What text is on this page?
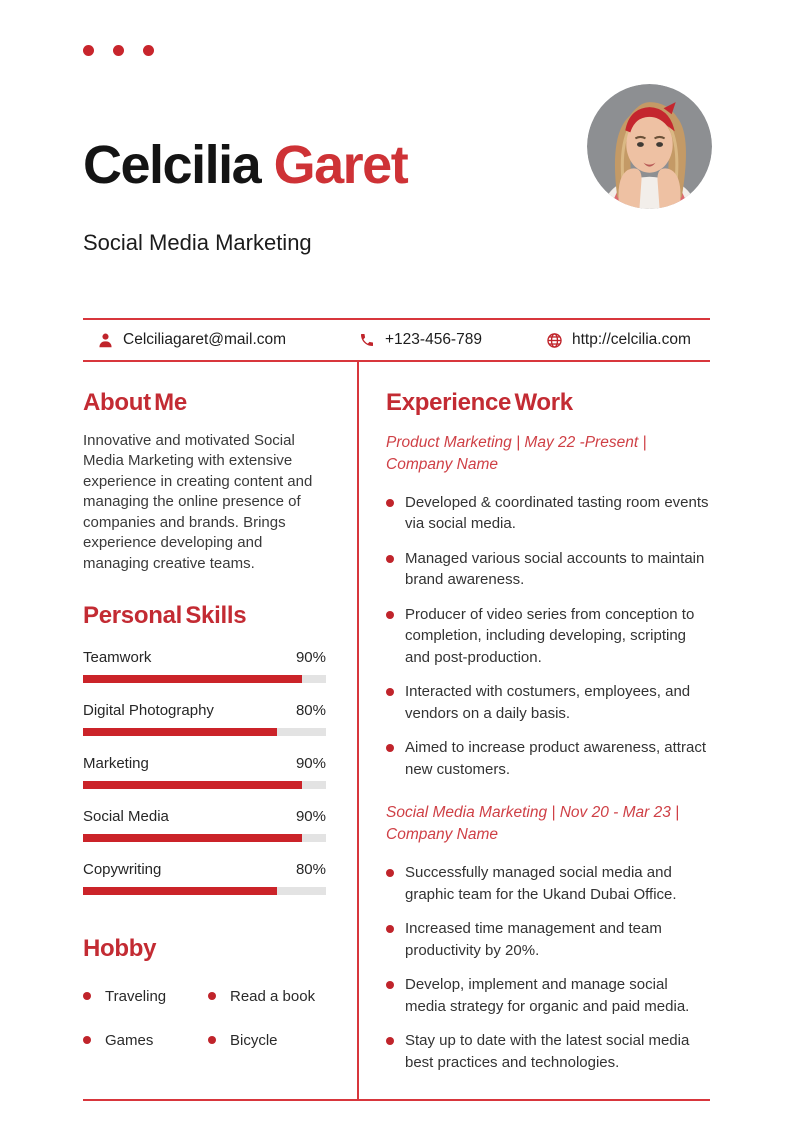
Celcilia Garet
Social Media Marketing
Celciliagaret@mail.com	+123-456-789	http://celcilia.com
About Me

Innovative and motivated Social Media Marketing with extensive experience in creating content and managing the online presence of companies and brands. Brings experience developing and managing creative teams.

Personal Skills
Teamwork	90%
Digital Photography	80%
Marketing	90%
Social Media	90%
Copywriting	80%
Hobby
Traveling	Read a book
Games	Bicycle
Experience Work
Product Marketing | May 22 -Present | Company Name
Developed & coordinated tasting room events via social media.
Managed various social accounts to maintain brand awareness.
Producer of video series from conception to completion, including developing, scripting and post-production.
Interacted with costumers, employees, and vendors on a daily basis.
Aimed to increase product awareness, attract new customers.
Social Media Marketing | Nov 20 - Mar 23 | Company Name
Successfully managed social media and graphic team for the Ukand Dubai Office.
Increased time management and team productivity by 20%.
Develop, implement and manage social media strategy for organic and paid media.
Stay up to date with the latest social media best practices and technologies.
